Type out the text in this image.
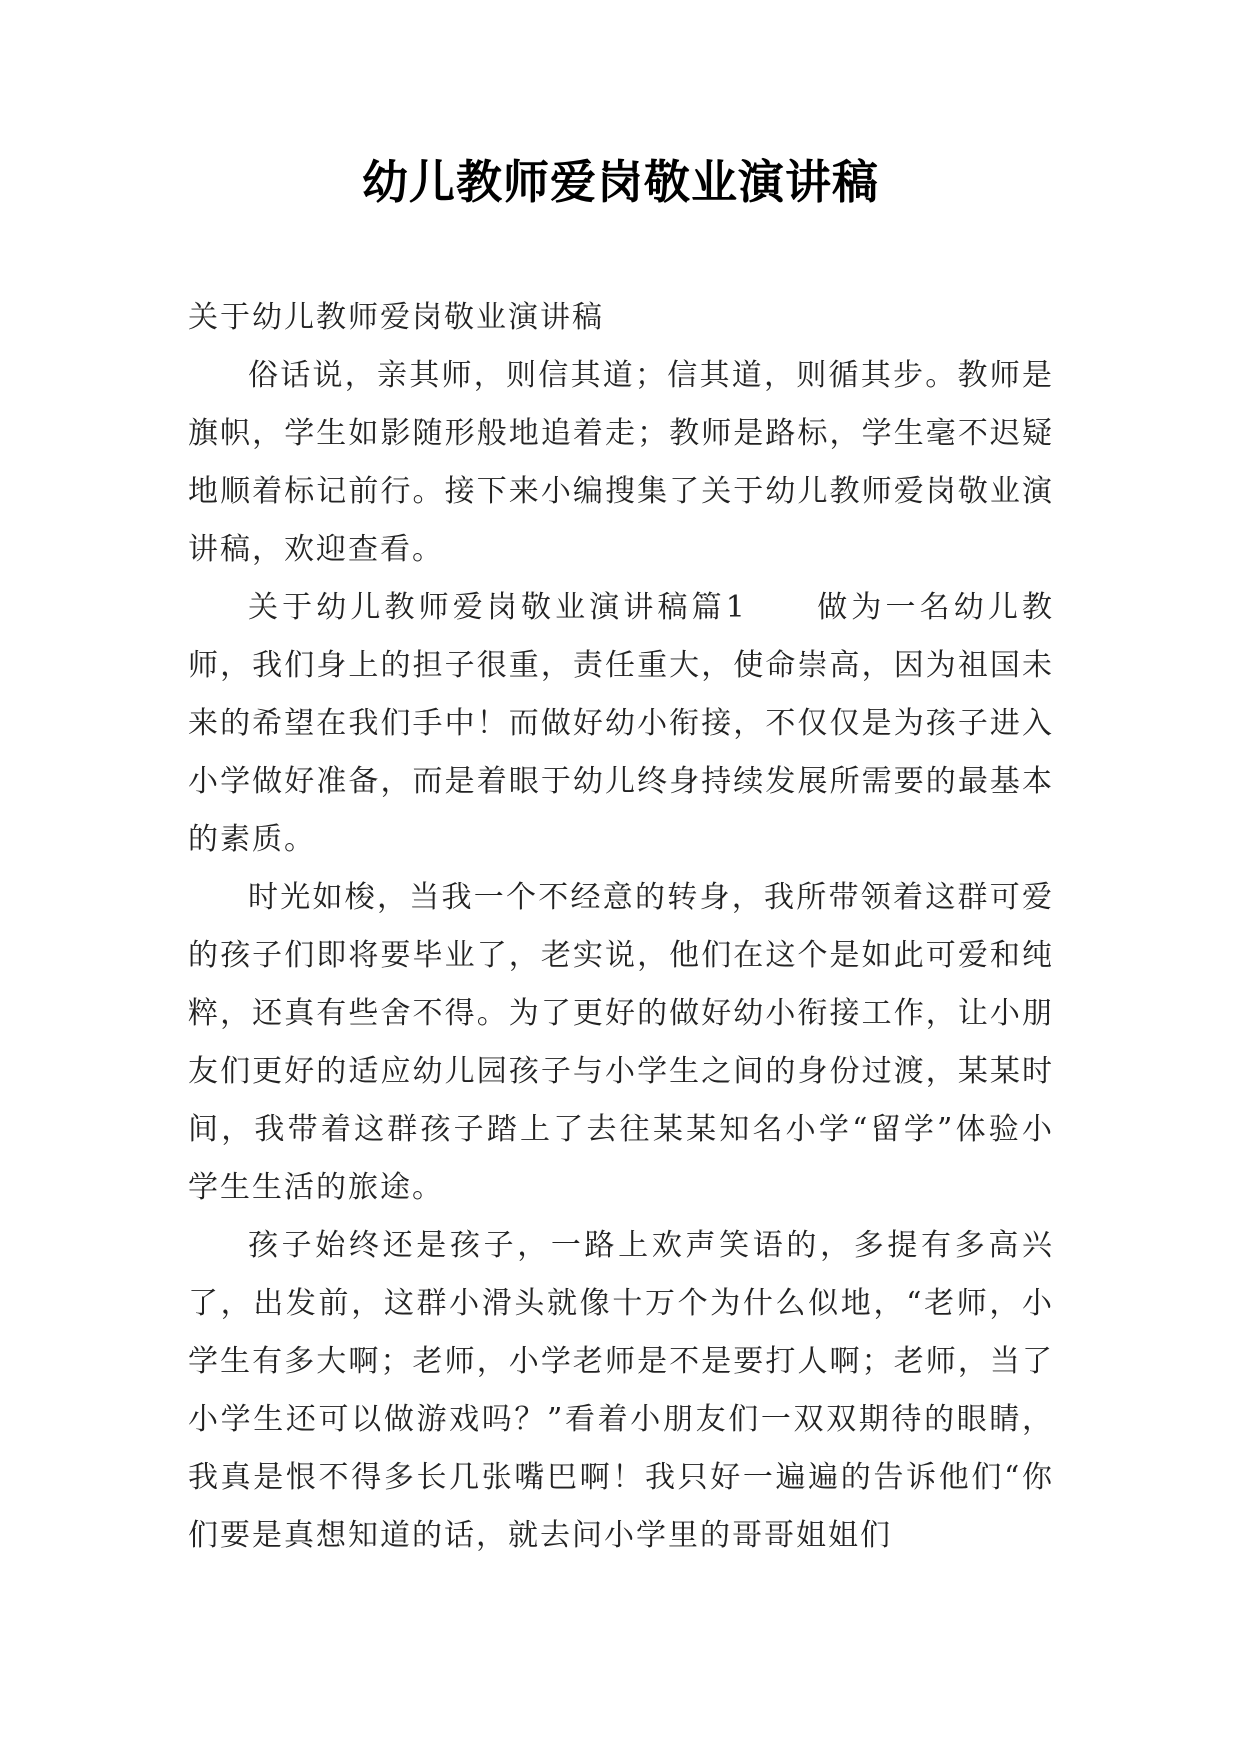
幼儿教师爱岗敬业演讲稿

关于幼儿教师爱岗敬业演讲稿

俗话说，亲其师，则信其道；信其道，则循其步。教师是旗帜，学生如影随形般地追着走；教师是路标，学生毫不迟疑地顺着标记前行。接下来小编搜集了关于幼儿教师爱岗敬业演讲稿，欢迎查看。

关于幼儿教师爱岗敬业演讲稿篇1　　做为一名幼儿教师，我们身上的担子很重，责任重大，使命崇高，因为祖国未来的希望在我们手中！而做好幼小衔接，不仅仅是为孩子进入小学做好准备，而是着眼于幼儿终身持续发展所需要的最基本的素质。

时光如梭，当我一个不经意的转身，我所带领着这群可爱的孩子们即将要毕业了，老实说，他们在这个是如此可爱和纯粹，还真有些舍不得。为了更好的做好幼小衔接工作，让小朋友们更好的适应幼儿园孩子与小学生之间的身份过渡，某某时间，我带着这群孩子踏上了去往某某知名小学“留学”体验小学生生活的旅途。

孩子始终还是孩子，一路上欢声笑语的，多提有多高兴了，出发前，这群小滑头就像十万个为什么似地，“老师，小学生有多大啊；老师，小学老师是不是要打人啊；老师，当了小学生还可以做游戏吗？”看着小朋友们一双双期待的眼睛，我真是恨不得多长几张嘴巴啊！我只好一遍遍的告诉他们“你们要是真想知道的话，就去问小学里的哥哥姐姐们
